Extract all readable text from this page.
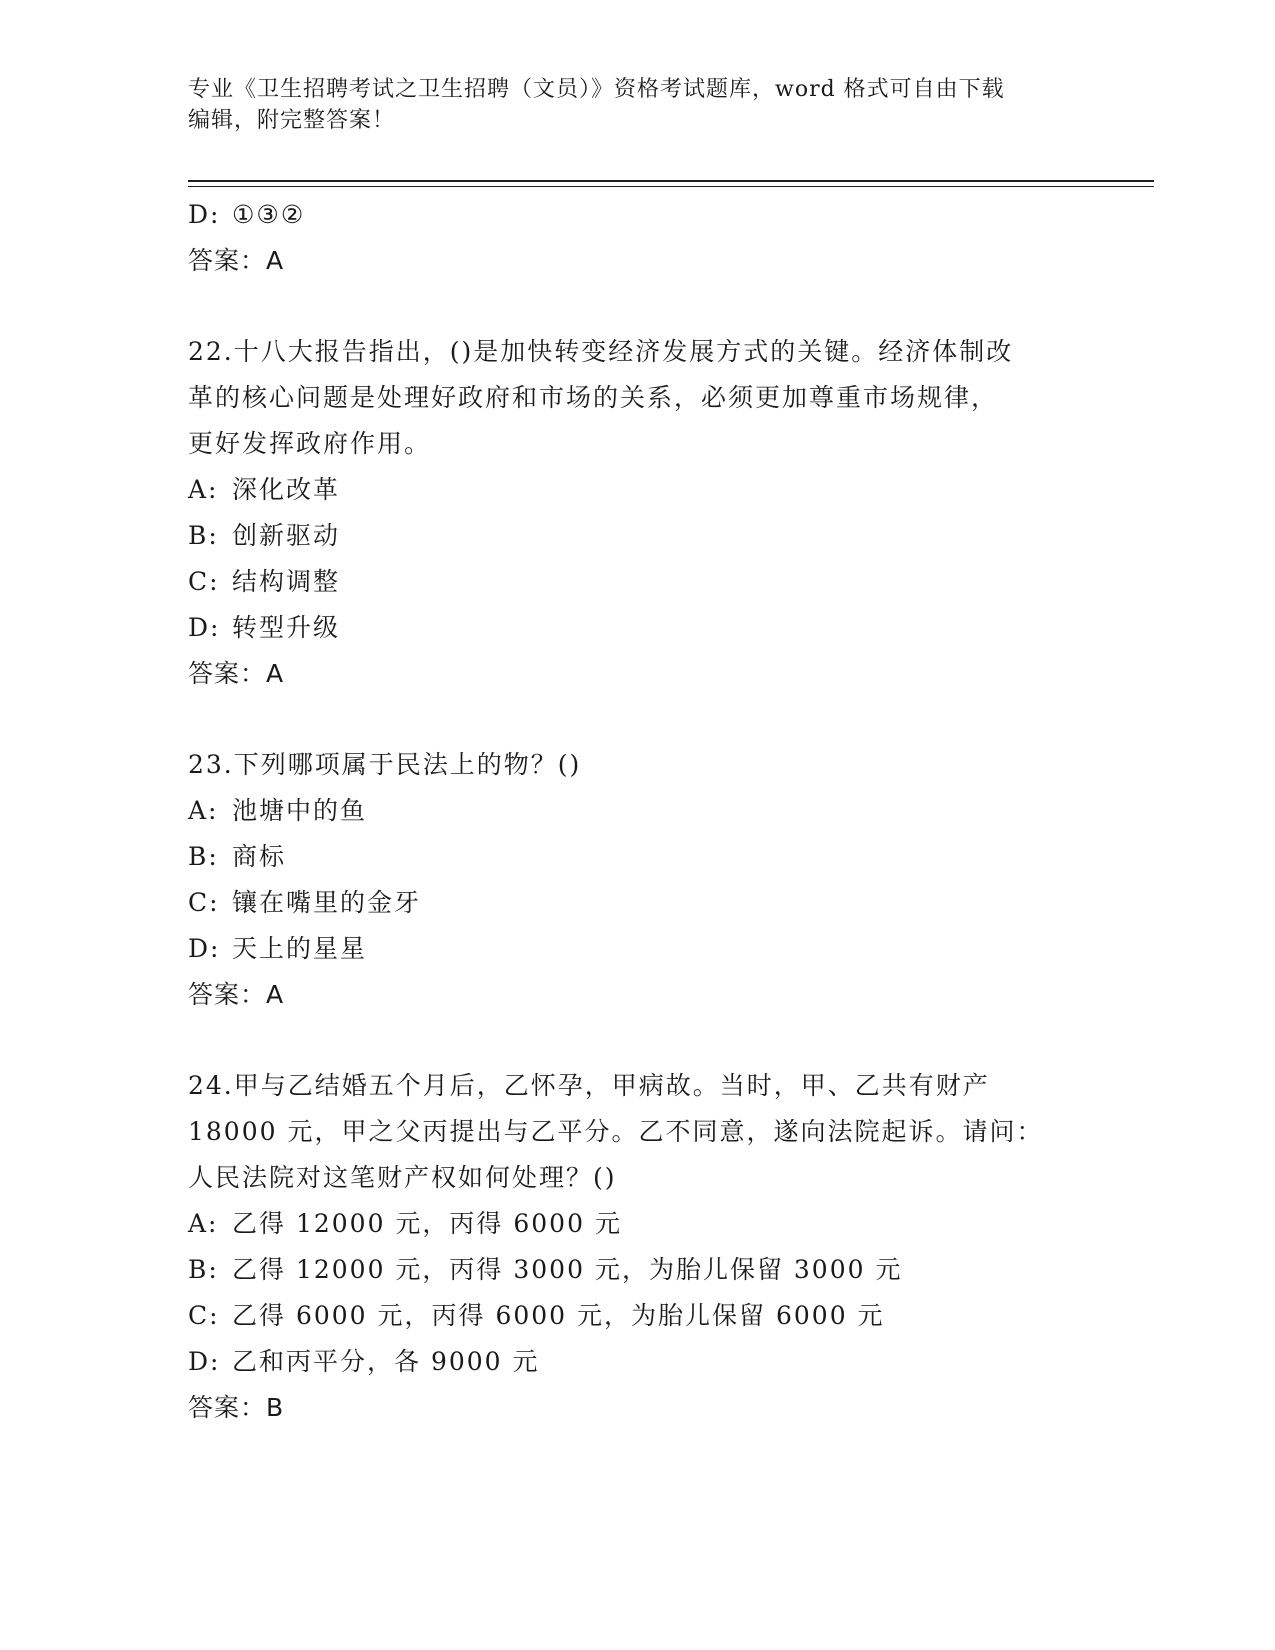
专业《卫生招聘考试之卫生招聘（文员）》资格考试题库，word 格式可自由下载
编辑，附完整答案！
D: ①③②
答案：A
22.十八大报告指出，()是加快转变经济发展方式的关键。经济体制改
革的核心问题是处理好政府和市场的关系，必须更加尊重市场规律，
更好发挥政府作用。
A: 深化改革
B: 创新驱动
C: 结构调整
D: 转型升级
答案：A
23.下列哪项属于民法上的物？()
A: 池塘中的鱼
B: 商标
C: 镶在嘴里的金牙
D: 天上的星星
答案：A
24.甲与乙结婚五个月后，乙怀孕，甲病故。当时，甲、乙共有财产
18000 元，甲之父丙提出与乙平分。乙不同意，遂向法院起诉。请问：
人民法院对这笔财产权如何处理？()
A: 乙得 12000 元，丙得 6000 元
B: 乙得 12000 元，丙得 3000 元，为胎儿保留 3000 元
C: 乙得 6000 元，丙得 6000 元，为胎儿保留 6000 元
D: 乙和丙平分，各 9000 元
答案：B
